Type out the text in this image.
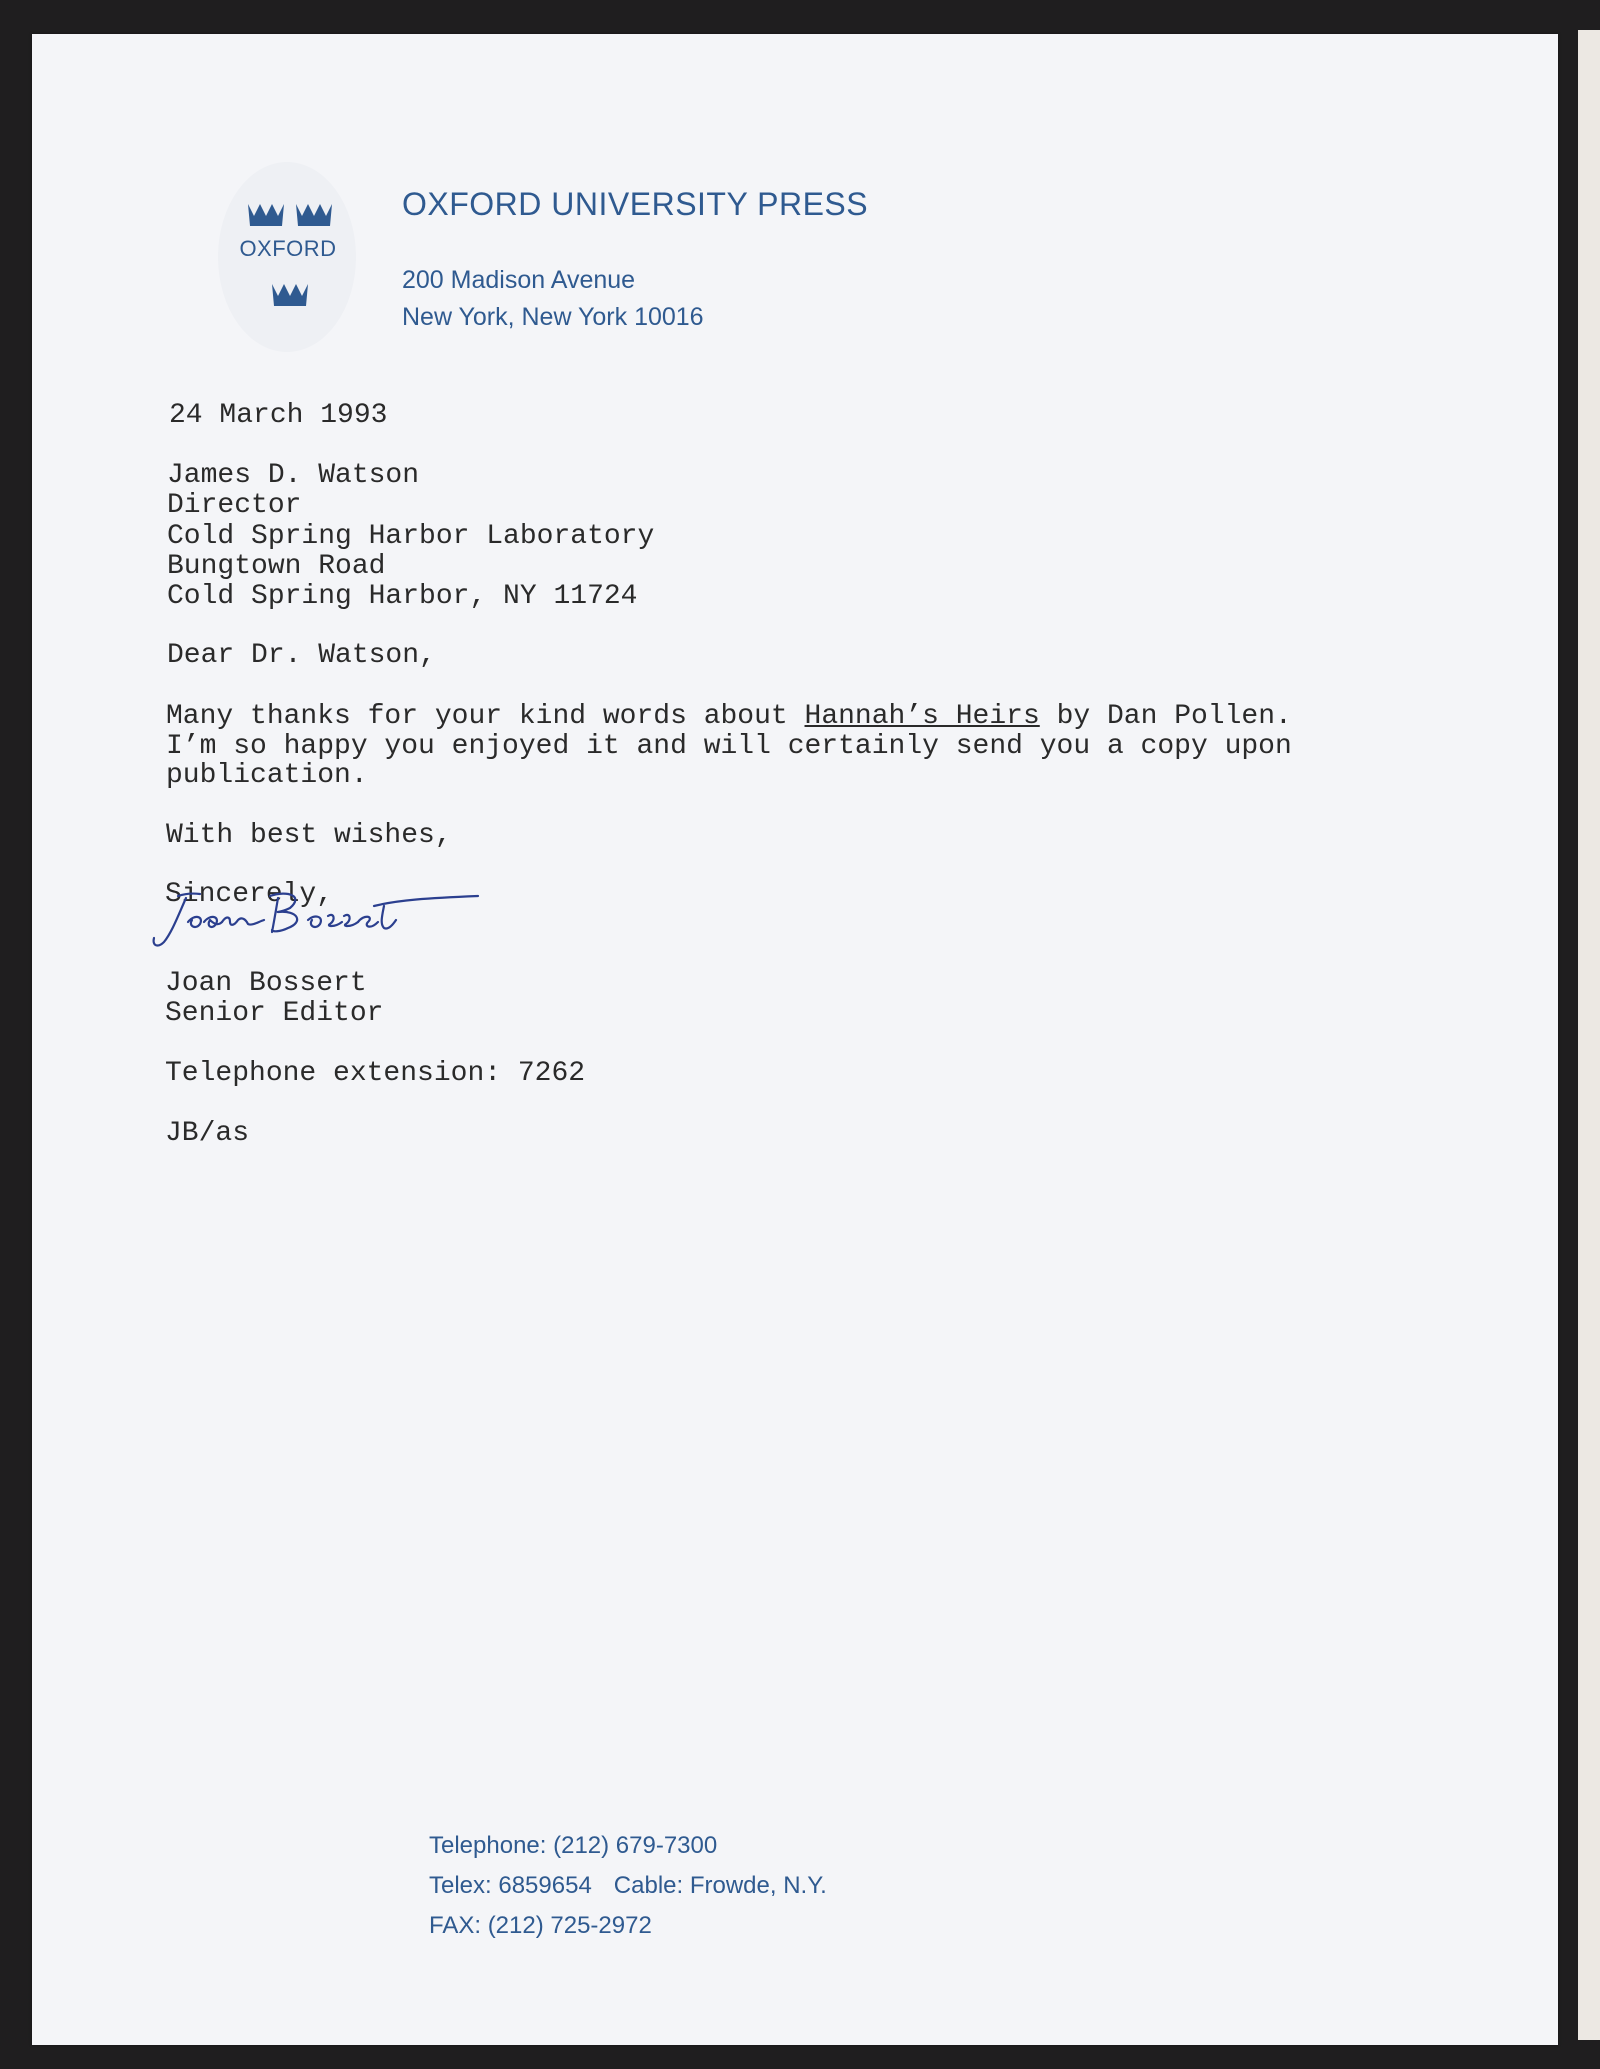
OXFORD
OXFORD UNIVERSITY PRESS
200 Madison Avenue
New York, New York 10016
24 March 1993
James D. Watson
Director
Cold Spring Harbor Laboratory
Bungtown Road
Cold Spring Harbor, NY 11724
Dear Dr. Watson,
Many thanks for your kind words about Hannah’s Heirs by Dan Pollen.
I’m so happy you enjoyed it and will certainly send you a copy upon
publication.
With best wishes,
Sincerely,
Joan Bossert
Senior Editor
Telephone extension: 7262
JB/as
Telephone: (212) 679-7300
Telex: 6859654 Cable: Frowde, N.Y.
FAX: (212) 725-2972
